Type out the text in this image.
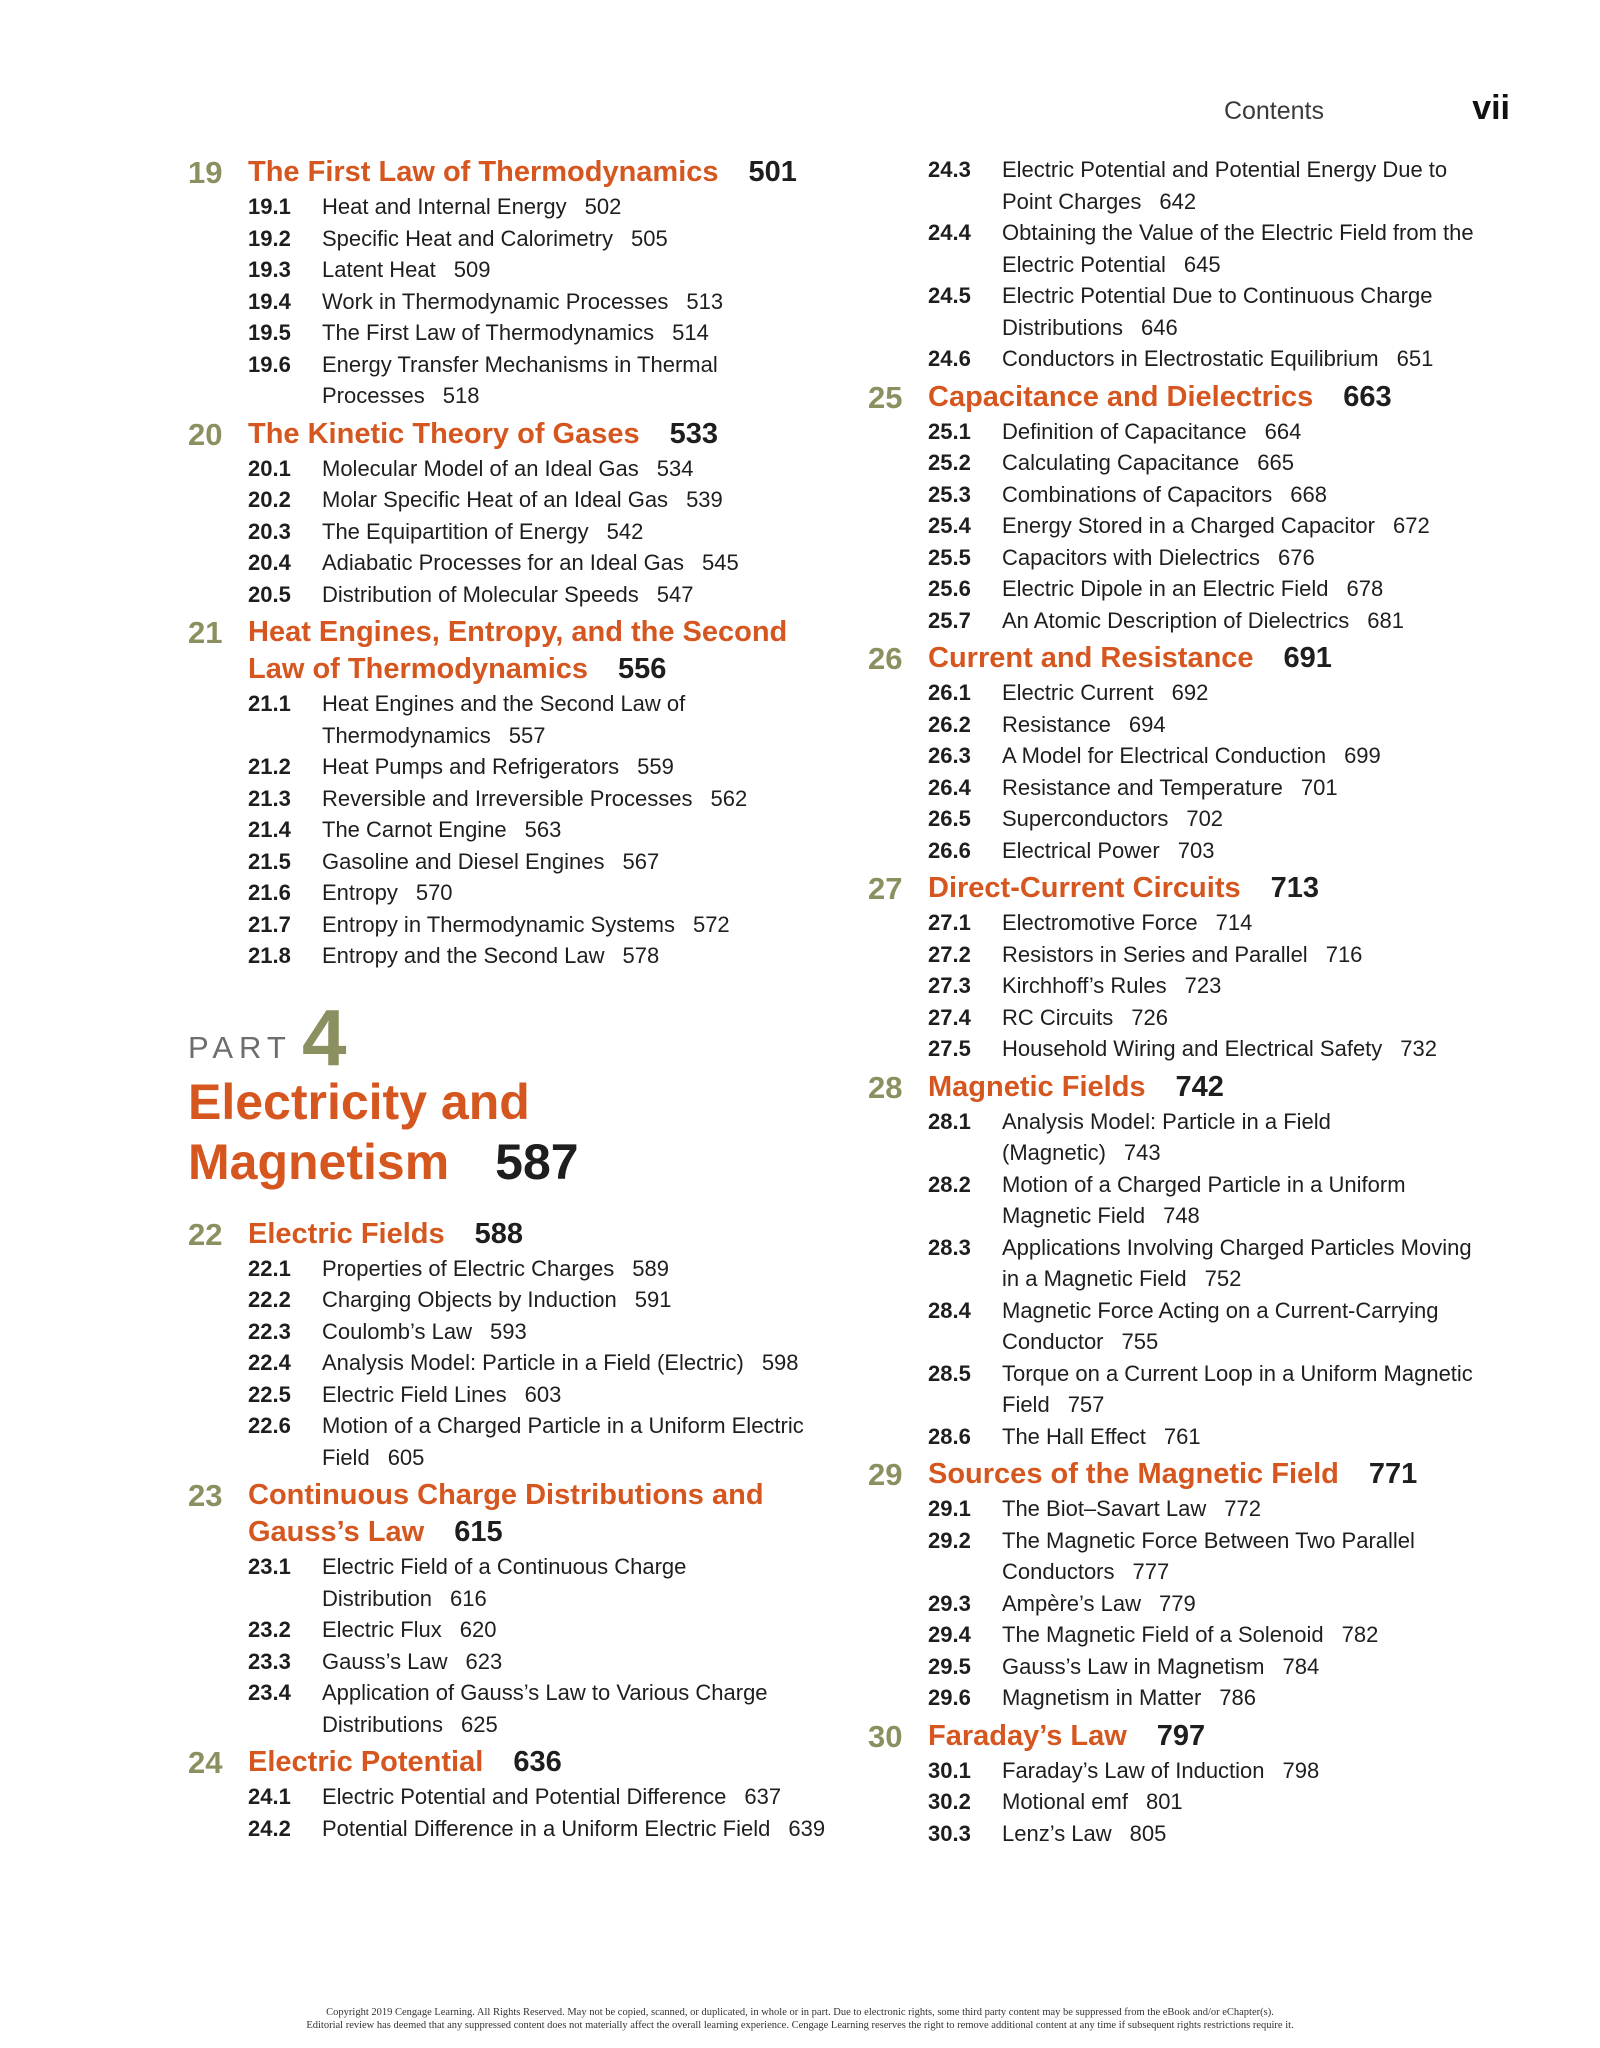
Contents	vii
19 The First Law of Thermodynamics 501
19.1	Heat and Internal Energy 502
19.2	Specific Heat and Calorimetry 505
19.3	Latent Heat 509
19.4	Work in Thermodynamic Processes 513
19.5	The First Law of Thermodynamics 514
19.6	Energy Transfer Mechanisms in Thermal Processes 518
20 The Kinetic Theory of Gases 533
20.1	Molecular Model of an Ideal Gas 534
20.2	Molar Specific Heat of an Ideal Gas 539
20.3	The Equipartition of Energy 542
20.4	Adiabatic Processes for an Ideal Gas 545
20.5	Distribution of Molecular Speeds 547
21 Heat Engines, Entropy, and the Second Law of Thermodynamics 556
21.1	Heat Engines and the Second Law of Thermodynamics 557
21.2	Heat Pumps and Refrigerators 559
21.3	Reversible and Irreversible Processes 562
21.4	The Carnot Engine 563
21.5	Gasoline and Diesel Engines 567
21.6	Entropy 570
21.7	Entropy in Thermodynamic Systems 572
21.8	Entropy and the Second Law 578
PART 4
Electricity and
Magnetism 587
22 Electric Fields 588
22.1	Properties of Electric Charges 589
22.2	Charging Objects by Induction 591
22.3	Coulomb’s Law 593
22.4	Analysis Model: Particle in a Field (Electric) 598
22.5	Electric Field Lines 603
22.6	Motion of a Charged Particle in a Uniform Electric Field 605
23 Continuous Charge Distributions and Gauss’s Law 615
23.1	Electric Field of a Continuous Charge Distribution 616
23.2	Electric Flux 620
23.3	Gauss’s Law 623
23.4	Application of Gauss’s Law to Various Charge Distributions 625
24 Electric Potential 636
24.1	Electric Potential and Potential Difference 637
24.2	Potential Difference in a Uniform Electric Field 639
24.3	Electric Potential and Potential Energy Due to Point Charges 642
24.4	Obtaining the Value of the Electric Field from the Electric Potential 645
24.5	Electric Potential Due to Continuous Charge Distributions 646
24.6	Conductors in Electrostatic Equilibrium 651
25 Capacitance and Dielectrics 663
25.1	Definition of Capacitance 664
25.2	Calculating Capacitance 665
25.3	Combinations of Capacitors 668
25.4	Energy Stored in a Charged Capacitor 672
25.5	Capacitors with Dielectrics 676
25.6	Electric Dipole in an Electric Field 678
25.7	An Atomic Description of Dielectrics 681
26 Current and Resistance 691
26.1	Electric Current 692
26.2	Resistance 694
26.3	A Model for Electrical Conduction 699
26.4	Resistance and Temperature 701
26.5	Superconductors 702
26.6	Electrical Power 703
27 Direct-Current Circuits 713
27.1	Electromotive Force 714
27.2	Resistors in Series and Parallel 716
27.3	Kirchhoff’s Rules 723
27.4	RC Circuits 726
27.5	Household Wiring and Electrical Safety 732
28 Magnetic Fields 742
28.1	Analysis Model: Particle in a Field (Magnetic) 743
28.2	Motion of a Charged Particle in a Uniform Magnetic Field 748
28.3	Applications Involving Charged Particles Moving in a Magnetic Field 752
28.4	Magnetic Force Acting on a Current-Carrying Conductor 755
28.5	Torque on a Current Loop in a Uniform Magnetic Field 757
28.6	The Hall Effect 761
29 Sources of the Magnetic Field 771
29.1	The Biot–Savart Law 772
29.2	The Magnetic Force Between Two Parallel Conductors 777
29.3	Ampère’s Law 779
29.4	The Magnetic Field of a Solenoid 782
29.5	Gauss’s Law in Magnetism 784
29.6	Magnetism in Matter 786
30 Faraday’s Law 797
30.1	Faraday’s Law of Induction 798
30.2	Motional emf 801
30.3	Lenz’s Law 805
Copyright 2019 Cengage Learning. All Rights Reserved. May not be copied, scanned, or duplicated, in whole or in part. Due to electronic rights, some third party content may be suppressed from the eBook and/or eChapter(s).
Editorial review has deemed that any suppressed content does not materially affect the overall learning experience. Cengage Learning reserves the right to remove additional content at any time if subsequent rights restrictions require it.
